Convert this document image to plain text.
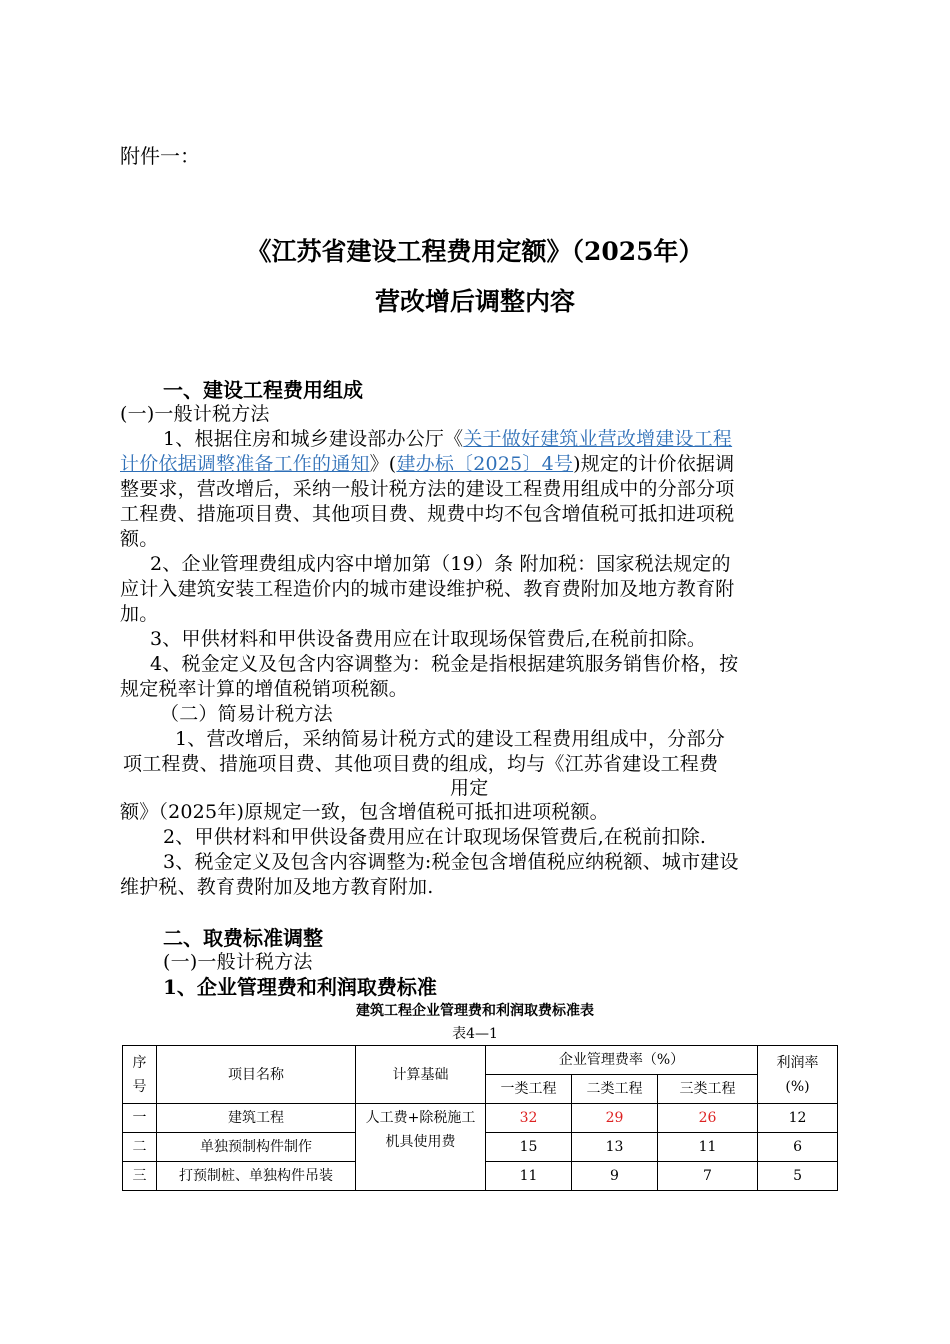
附件一：
《江苏省建设工程费用定额》（2025年）
营改增后调整内容
一、建设工程费用组成
(一)一般计税方法
1、根据住房和城乡建设部办公厅《关于做好建筑业营改增建设工程
计价依据调整准备工作的通知》(建办标〔2025〕4号)规定的计价依据调
整要求，营改增后，采纳一般计税方法的建设工程费用组成中的分部分项
工程费、措施项目费、其他项目费、规费中均不包含增值税可抵扣进项税
额。
2、企业管理费组成内容中增加第（19）条 附加税：国家税法规定的
应计入建筑安装工程造价内的城市建设维护税、教育费附加及地方教育附
加。
3、甲供材料和甲供设备费用应在计取现场保管费后,在税前扣除。
4、税金定义及包含内容调整为：税金是指根据建筑服务销售价格，按
规定税率计算的增值税销项税额。
（二）简易计税方法
1、营改增后，采纳简易计税方式的建设工程费用组成中，分部分
项工程费、措施项目费、其他项目费的组成，均与《江苏省建设工程费
用定
额》（2025年)原规定一致，包含增值税可抵扣进项税额。
2、甲供材料和甲供设备费用应在计取现场保管费后,在税前扣除.
3、税金定义及包含内容调整为:税金包含增值税应纳税额、城市建设
维护税、教育费附加及地方教育附加.
二、取费标准调整
(一)一般计税方法
1、企业管理费和利润取费标准
建筑工程企业管理费和利润取费标准表
表4—1
序号	项目名称	计算基础	企业管理费率（%）			利润率
(%)

			一类工程	二类工程	三类工程	
一	建筑工程	人工费+除税施工机具使用费	32	29	26	12
二	单独预制构件制作		15	13	11	6
三	打预制桩、单独构件吊装		11	9	7	5
